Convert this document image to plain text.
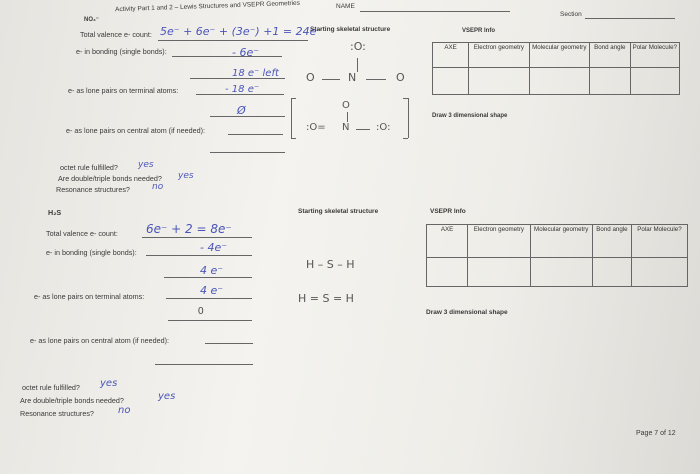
Activity Part 1 and 2 – Lewis Structures and VSEPR Geometries	NAME
Section
NO₃⁻
Total valence e- count: 5e⁻ + 6e⁻ + (3e⁻) +1 = 24e⁻
e- in bonding (single bonds):	- 6e⁻
18 e⁻ left
e- as lone pairs on terminal atoms:	- 18 e⁻
Ø
e- as lone pairs on central atom (if needed):
octet rule fulfilled? yes
Are double/triple bonds needed? yes
Resonance structures? no
Starting skeletal structure
:O:
O	N	O
O
:O= N	:O:
VSEPR Info
AXE	Electron geometry	Molecular geometry	Bond angle	Polar Molecule?

Draw 3 dimensional shape
H₂S
Total valence e- count: 6e⁻ + 2 = 8e⁻
e- in bonding (single bonds):	- 4e⁻
4 e⁻
e- as lone pairs on terminal atoms:	4 e⁻
0
e- as lone pairs on central atom (if needed):
octet rule fulfilled? yes
Are double/triple bonds needed?	yes
Resonance structures? no
Starting skeletal structure
H – S – H
H = S = H
VSEPR Info
AXE	Electron geometry	Molecular geometry	Bond angle	Polar Molecule?

Draw 3 dimensional shape
Page 7 of 12
